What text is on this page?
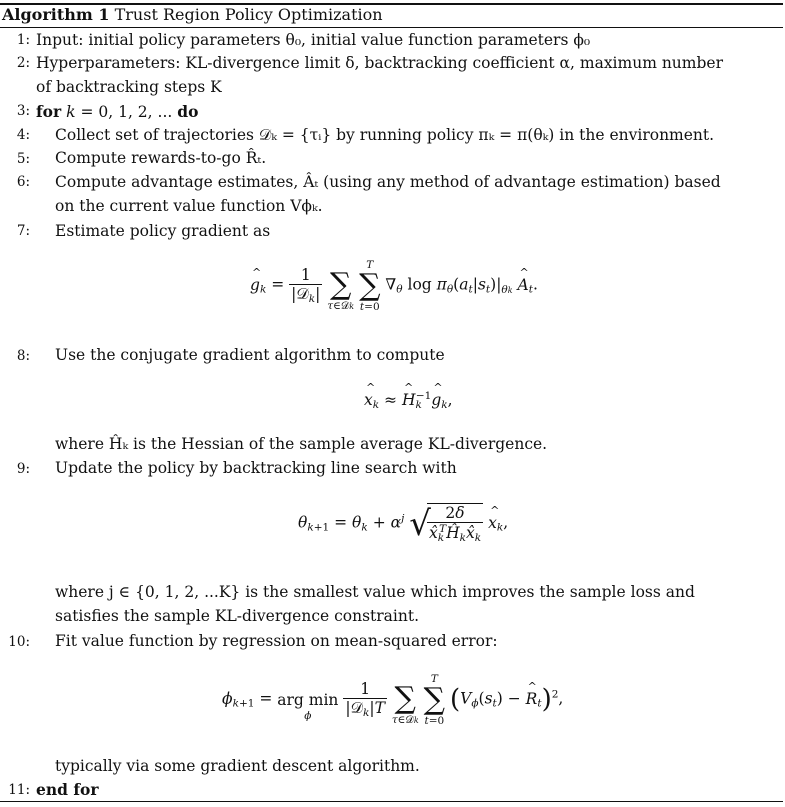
Algorithm 1 Trust Region Policy Optimization
1: Input: initial policy parameters θ₀, initial value function parameters ϕ₀
2: Hyperparameters: KL-divergence limit δ, backtracking coefficient α, maximum number
of backtracking steps K
3: for k = 0, 1, 2, ... do
4: Collect set of trajectories 𝒟ₖ = {τᵢ} by running policy πₖ = π(θₖ) in the environment.
5: Compute rewards-to-go R̂ₜ.
6: Compute advantage estimates, Âₜ (using any method of advantage estimation) based
on the current value function Vϕₖ.
7: Estimate policy gradient as
^ $g_k = \frac{1}{|𝒟_k|}$

∑
τ∈𝒟k

T
∑
t=0
$\nabla_\theta$ $\log \pi_\theta(a_t|s_t)|_{\theta k}$ ^ $A_t$.
8: Use the conjugate gradient algorithm to compute
^ $x_k$ ≈ ^ $H_k^{-1}\^{}$ $g_k$,
where Ĥₖ is the Hessian of the sample average KL-divergence.
9: Update the policy by backtracking line search with
$\theta_{k+1} = \theta_k + \alpha^j$ √
$\frac{2\delta}{x̂_k^TĤ_kx̂_k}$ ^ $x_k$,
where j ∈ {0, 1, 2, ...K} is the smallest value which improves the sample loss and
satisfies the sample KL-divergence constraint.
10: Fit value function by regression on mean-squared error:
$\phi_{k+1}$ =
arg min
ϕ
	$\frac{1}{|𝒟_k|T}$

∑
τ∈𝒟k

T
∑
t=0
($V_\phi(s_t)$ − ^ $R_t)^2$,
typically via some gradient descent algorithm.
11: end for
